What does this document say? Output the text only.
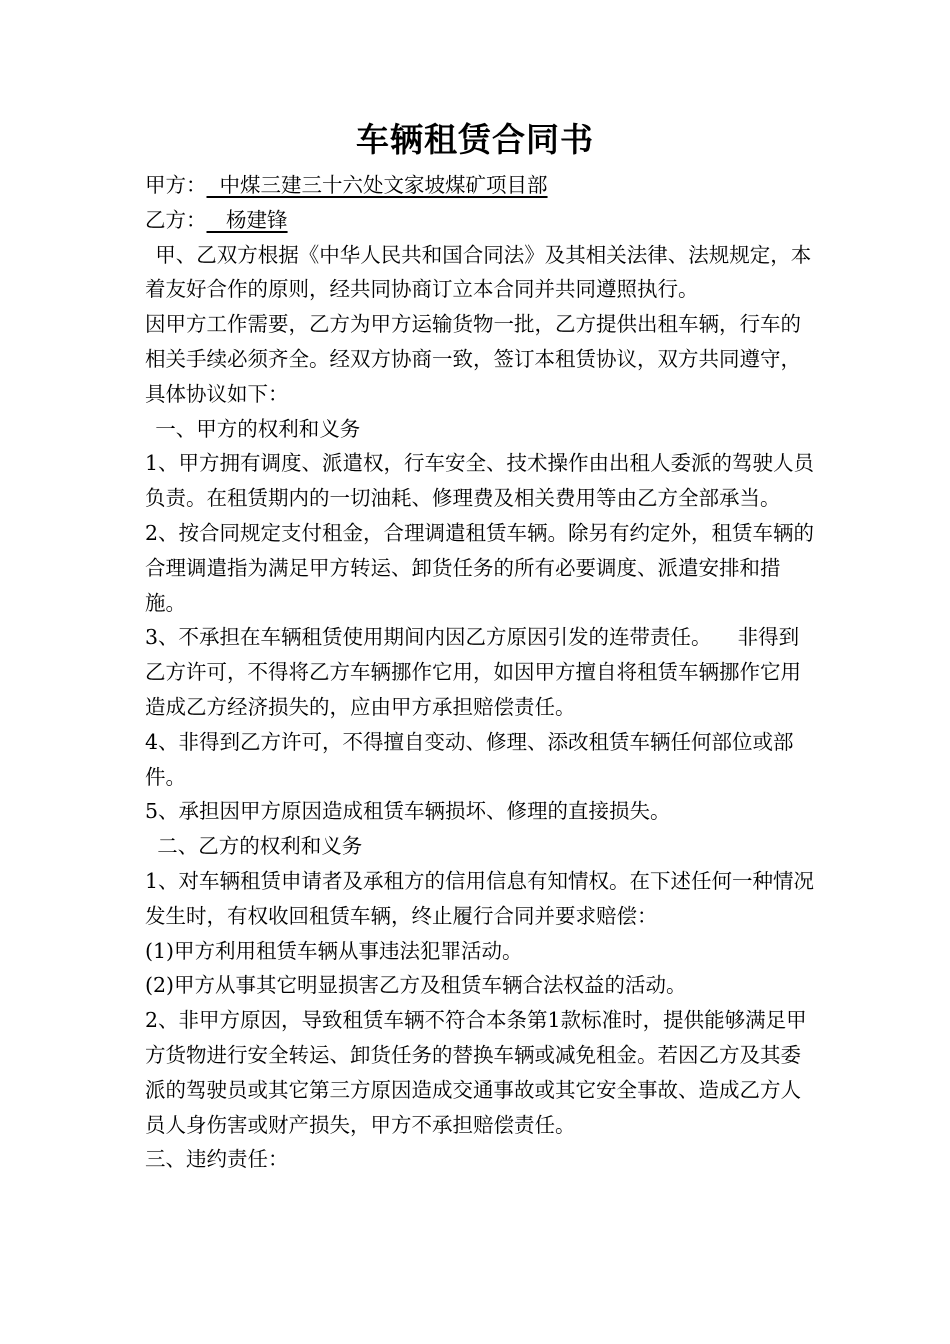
车辆租赁合同书

甲方：  中煤三建三十六处文家坡煤矿项目部

乙方：   杨建锋

甲、乙双方根据《中华人民共和国合同法》及其相关法律、法规规定，本着友好合作的原则，经共同协商订立本合同并共同遵照执行。

因甲方工作需要，乙方为甲方运输货物一批，乙方提供出租车辆，行车的相关手续必须齐全。经双方协商一致，签订本租赁协议，双方共同遵守，具体协议如下：

一、甲方的权利和义务

1、甲方拥有调度、派遣权，行车安全、技术操作由出租人委派的驾驶人员负责。在租赁期内的一切油耗、修理费及相关费用等由乙方全部承当。

2、按合同规定支付租金，合理调遣租赁车辆。除另有约定外，租赁车辆的合理调遣指为满足甲方转运、卸货任务的所有必要调度、派遣安排和措施。

3、不承担在车辆租赁使用期间内因乙方原因引发的连带责任。    非得到乙方许可，不得将乙方车辆挪作它用，如因甲方擅自将租赁车辆挪作它用造成乙方经济损失的，应由甲方承担赔偿责任。

4、非得到乙方许可，不得擅自变动、修理、添改租赁车辆任何部位或部件。

5、承担因甲方原因造成租赁车辆损坏、修理的直接损失。

二、乙方的权利和义务

1、对车辆租赁申请者及承租方的信用信息有知情权。在下述任何一种情况发生时，有权收回租赁车辆，终止履行合同并要求赔偿：

(1)甲方利用租赁车辆从事违法犯罪活动。

(2)甲方从事其它明显损害乙方及租赁车辆合法权益的活动。

2、非甲方原因，导致租赁车辆不符合本条第1款标准时，提供能够满足甲方货物进行安全转运、卸货任务的替换车辆或减免租金。若因乙方及其委派的驾驶员或其它第三方原因造成交通事故或其它安全事故、造成乙方人员人身伤害或财产损失，甲方不承担赔偿责任。

三、违约责任：
